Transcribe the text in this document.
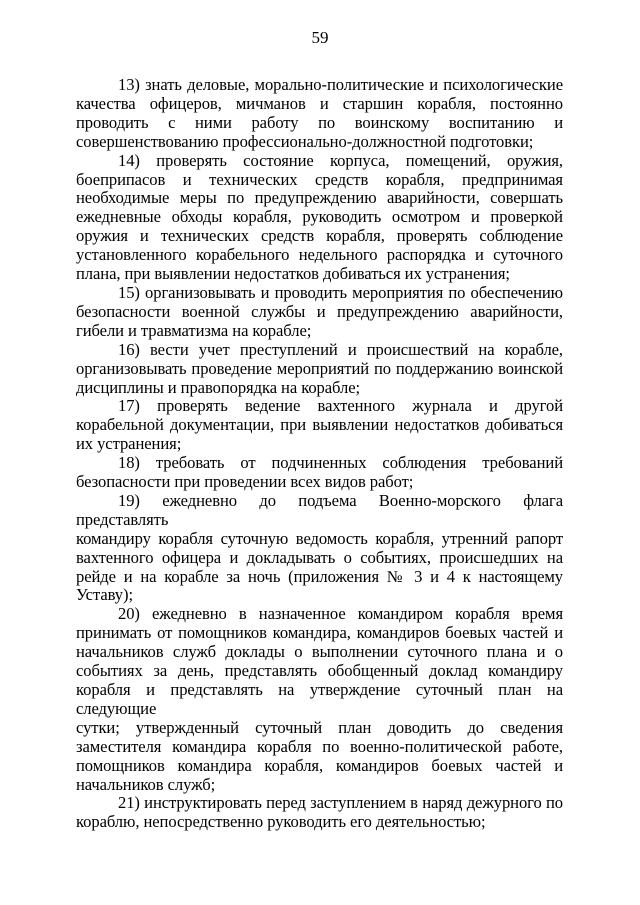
59
13) знать деловые, морально-политические и психологические
качества офицеров, мичманов и старшин корабля, постоянно
проводить с ними работу по воинскому воспитанию и
совершенствованию профессионально-должностной подготовки;
14) проверять состояние корпуса, помещений, оружия,
боеприпасов и технических средств корабля, предпринимая
необходимые меры по предупреждению аварийности, совершать
ежедневные обходы корабля, руководить осмотром и проверкой
оружия и технических средств корабля, проверять соблюдение
установленного корабельного недельного распорядка и суточного
плана, при выявлении недостатков добиваться их устранения;
15) организовывать и проводить мероприятия по обеспечению
безопасности военной службы и предупреждению аварийности,
гибели и травматизма на корабле;
16) вести учет преступлений и происшествий на корабле,
организовывать проведение мероприятий по поддержанию воинской
дисциплины и правопорядка на корабле;
17) проверять ведение вахтенного журнала и другой
корабельной документации, при выявлении недостатков добиваться
их устранения;
18) требовать от подчиненных соблюдения требований
безопасности при проведении всех видов работ;
19) ежедневно до подъема Военно-морского флага представлять
командиру корабля суточную ведомость корабля, утренний рапорт
вахтенного офицера и докладывать о событиях, происшедших на
рейде и на корабле за ночь (приложения № 3 и 4 к настоящему
Уставу);
20) ежедневно в назначенное командиром корабля время
принимать от помощников командира, командиров боевых частей и
начальников служб доклады о выполнении суточного плана и о
событиях за день, представлять обобщенный доклад командиру
корабля и представлять на утверждение суточный план на следующие
сутки; утвержденный суточный план доводить до сведения
заместителя командира корабля по военно-политической работе,
помощников командира корабля, командиров боевых частей и
начальников служб;
21) инструктировать перед заступлением в наряд дежурного по
кораблю, непосредственно руководить его деятельностью;
